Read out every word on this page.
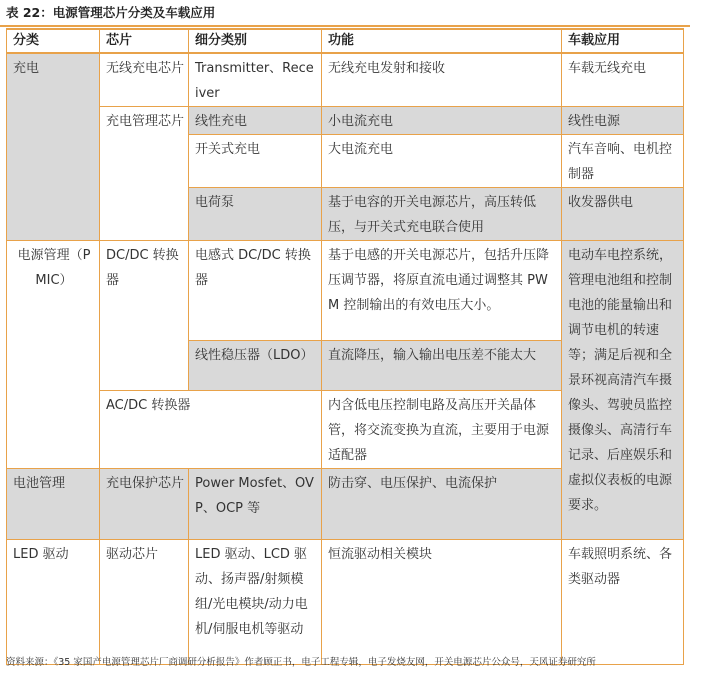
表 22：电源管理芯片分类及车载应用
分类	芯片	细分类别	功能	车载应用
充电	无线充电芯片	Transmitter、Receiver	无线充电发射和接收	车载无线充电
	充电管理芯片	线性充电	小电流充电	线性电源
		开关式充电	大电流充电	汽车音响、电机控制器
		电荷泵	基于电容的开关电源芯片，高压转低压，与开关式充电联合使用	收发器供电
电源管理（PMIC）	DC/DC 转换器	电感式 DC/DC 转换器	基于电感的开关电源芯片，包括升压降压调节器，将原直流电通过调整其 PWM 控制输出的有效电压大小。	电动车电控系统，管理电池组和控制电池的能量输出和调节电机的转速等；满足后视和全景环视高清汽车摄像头、驾驶员监控摄像头、高清行车记录、后座娱乐和虚拟仪表板的电源要求。
		线性稳压器（LDO）	直流降压，输入输出电压差不能太大	
	AC/DC 转换器		内含低电压控制电路及高压开关晶体管，将交流变换为直流，主要用于电源适配器	
电池管理	充电保护芯片	Power Mosfet、OVP、OCP 等	防击穿、电压保护、电流保护	
LED 驱动	驱动芯片	LED 驱动、LCD 驱动、扬声器/射频模组/光电模块/动力电机/伺服电机等驱动	恒流驱动相关模块	车载照明系统、各类驱动器
资料来源：《35 家国产电源管理芯片厂商调研分析报告》作者顾正书，电子工程专辑，电子发烧友网，开关电源芯片公众号，天风证券研究所
